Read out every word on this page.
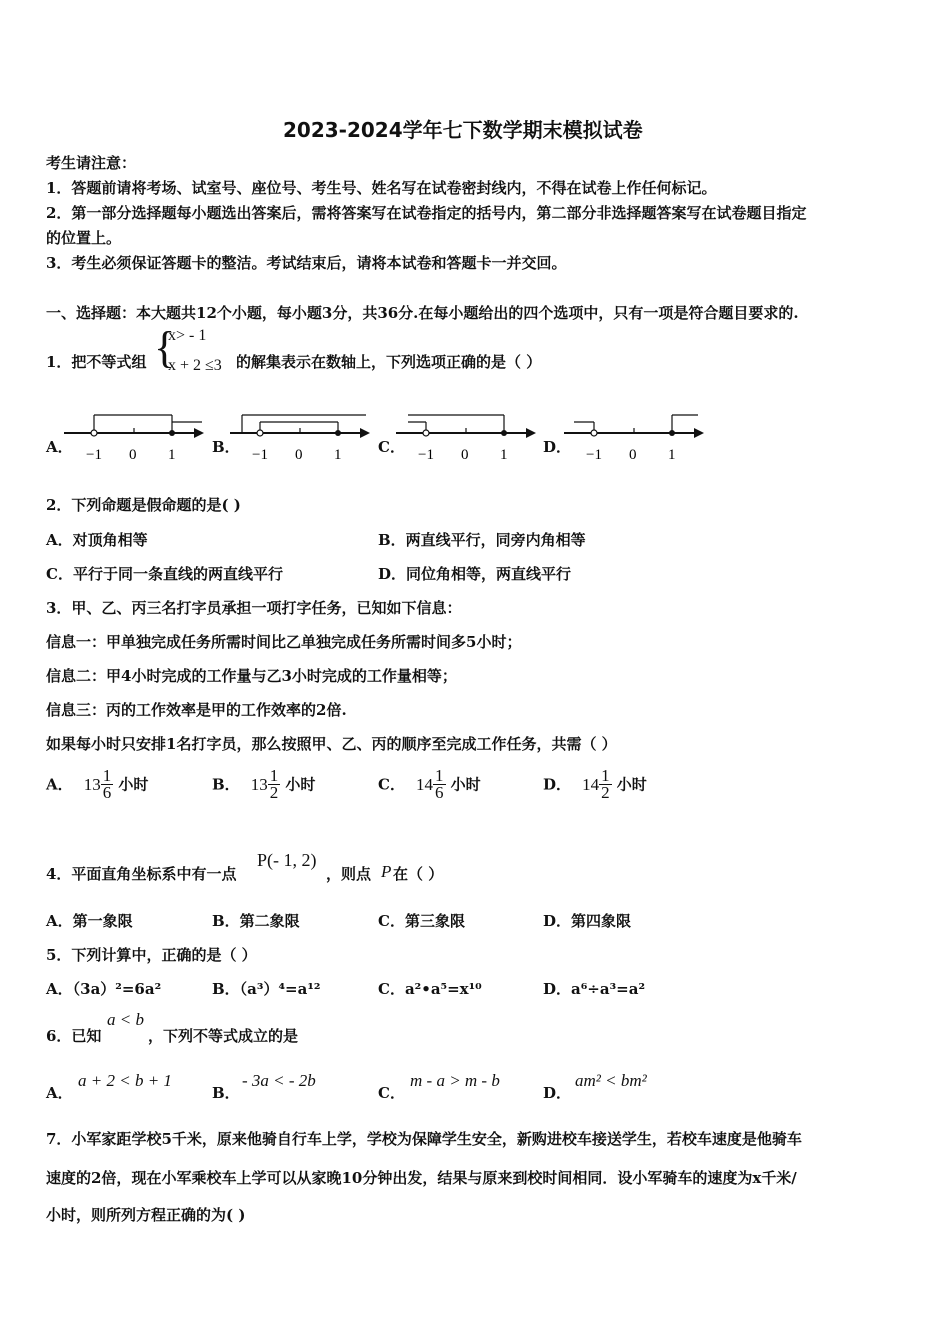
2023-2024学年七下数学期末模拟试卷
考生请注意：
1．答题前请将考场、试室号、座位号、考生号、姓名写在试卷密封线内，不得在试卷上作任何标记。
2．第一部分选择题每小题选出答案后，需将答案写在试卷指定的括号内，第二部分非选择题答案写在试卷题目指定
的位置上。
3．考生必须保证答题卡的整洁。考试结束后，请将本试卷和答题卡一并交回。
一、选择题：本大题共12个小题，每小题3分，共36分.在每小题给出的四个选项中，只有一项是符合题目要求的.
1．把不等式组 {
x> - 1
x + 2 ≤3 的解集表示在数轴上，下列选项正确的是（ ）
A． −1 0 1 B． −1 0 1 C． −1 0 1 D． −1 0 1
2．下列命题是假命题的是( )
A．对顶角相等	B．两直线平行，同旁内角相等
C．平行于同一条直线的两直线平行	D．同位角相等，两直线平行
3．甲、乙、丙三名打字员承担一项打字任务，已知如下信息：
信息一：甲单独完成任务所需时间比乙单独完成任务所需时间多5小时；
信息二：甲4小时完成的工作量与乙3小时完成的工作量相等；
信息三：丙的工作效率是甲的工作效率的2倍.
如果每小时只安排1名打字员，那么按照甲、乙、丙的顺序至完成工作任务，共需（ ）
A． $13 \frac{1}{6}$ 小时	B． $13 \frac{1}{2}$ 小时	C． $14 \frac{1}{6}$ 小时	D． $14 \frac{1}{2}$ 小时
4．平面直角坐标系中有一点
P(- 1, 2)
，则点 P 在（ ）
A．第一象限	B．第二象限	C．第三象限	D．第四象限
5．下列计算中，正确的是（ ）
A．（3a）²=6a²	B．（a³）⁴=a¹²	C．a²•a⁵=x¹⁰	D．a⁶÷a³=a²
6．已知
a < b
，下列不等式成立的是
A．
a + 2 < b + 1
B．
- 3a < - 2b
C．
m - a > m - b
D．
am² < bm²
7．小军家距学校5千米，原来他骑自行车上学，学校为保障学生安全，新购进校车接送学生，若校车速度是他骑车
速度的2倍，现在小军乘校车上学可以从家晚10分钟出发，结果与原来到校时间相同．设小军骑车的速度为x千米/
小时，则所列方程正确的为( )
